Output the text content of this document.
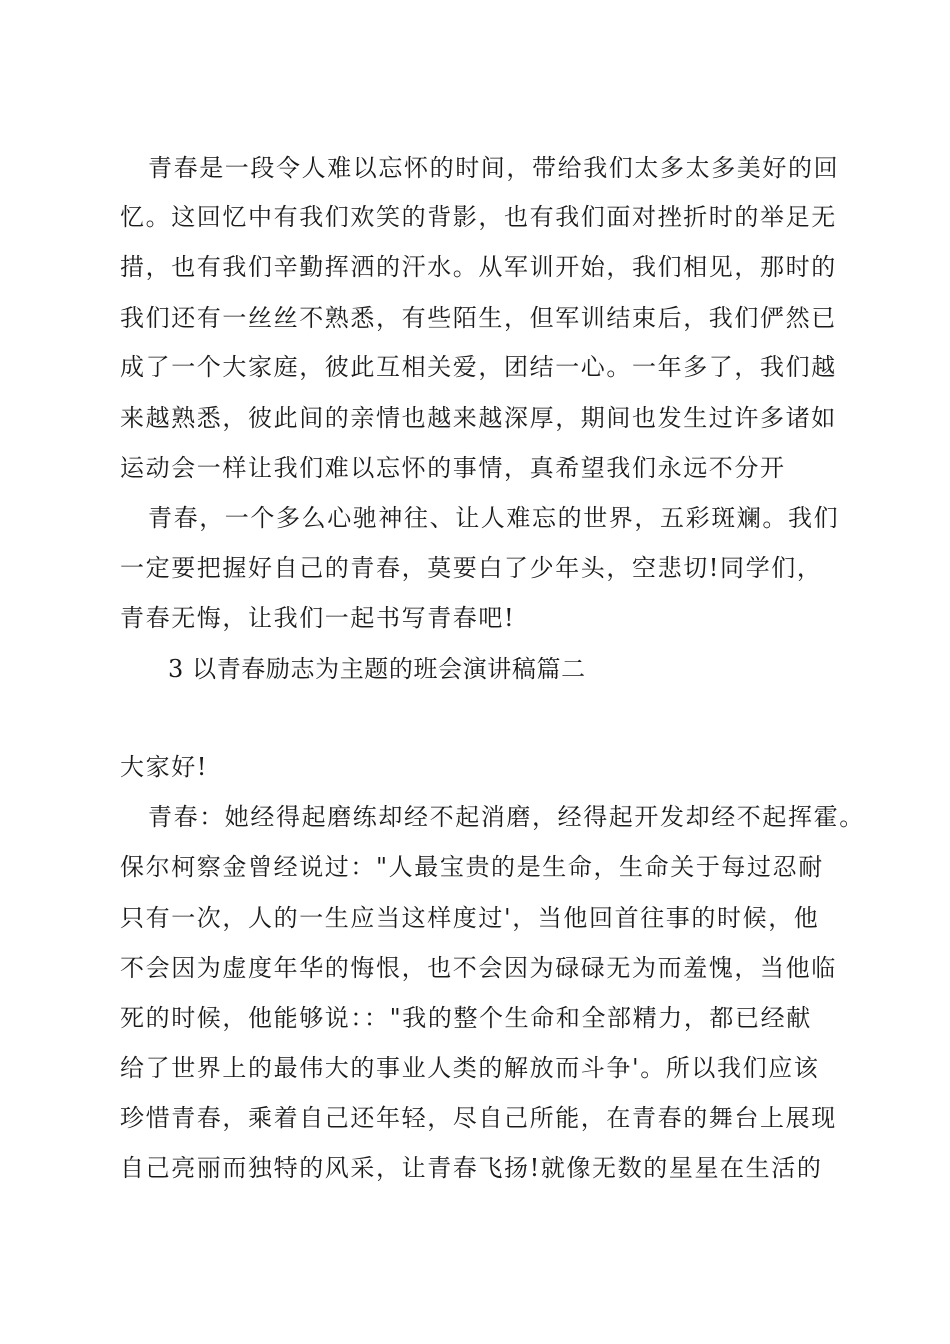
青春是一段令人难以忘怀的时间，带给我们太多太多美好的回
忆。这回忆中有我们欢笑的背影，也有我们面对挫折时的举足无
措，也有我们辛勤挥洒的汗水。从军训开始，我们相见，那时的
我们还有一丝丝不熟悉，有些陌生，但军训结束后，我们俨然已
成了一个大家庭，彼此互相关爱，团结一心。一年多了，我们越
来越熟悉，彼此间的亲情也越来越深厚，期间也发生过许多诸如
运动会一样让我们难以忘怀的事情，真希望我们永远不分开
青春，一个多么心驰神往、让人难忘的世界，五彩斑斓。我们
一定要把握好自己的青春，莫要白了少年头，空悲切!同学们，
青春无悔，让我们一起书写青春吧!
3 以青春励志为主题的班会演讲稿篇二
大家好!
青春：她经得起磨练却经不起消磨，经得起开发却经不起挥霍。
保尔柯察金曾经说过："人最宝贵的是生命，生命关于每过忍耐
只有一次，人的一生应当这样度过'，当他回首往事的时候，他
不会因为虚度年华的悔恨，也不会因为碌碌无为而羞愧，当他临
死的时候，他能够说：："我的整个生命和全部精力，都已经献
给了世界上的最伟大的事业人类的解放而斗争'。所以我们应该
珍惜青春，乘着自己还年轻，尽自己所能，在青春的舞台上展现
自己亮丽而独特的风采，让青春飞扬!就像无数的星星在生活的
